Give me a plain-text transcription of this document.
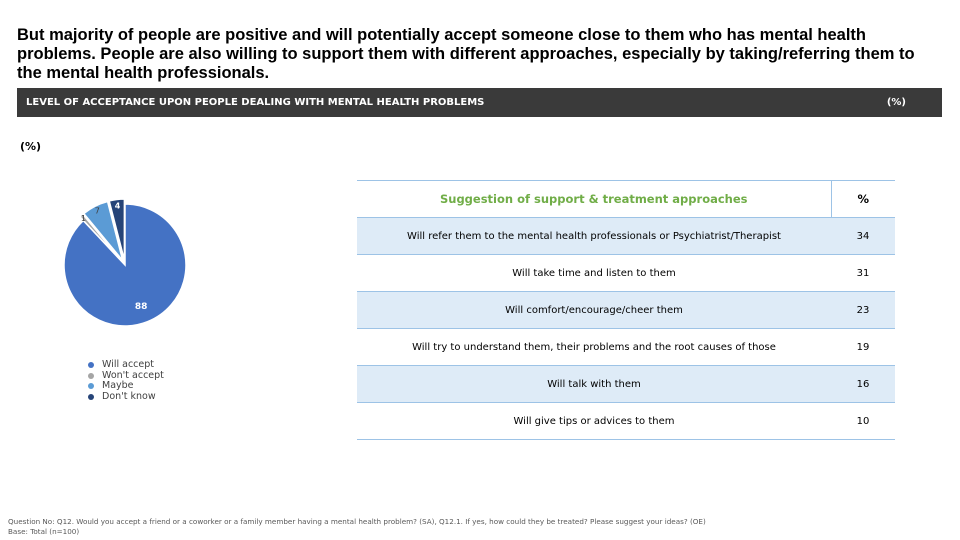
But majority of people are positive and will potentially accept someone close to them who has mental health problems. People are also willing to support them with different approaches, especially by taking/referring them to the mental health professionals.
LEVEL OF ACCEPTANCE UPON PEOPLE DEALING WITH MENTAL HEALTH PROBLEMS	(%)
(%)
88
1
7
4
Will accept
Won't accept
Maybe
Don't know
Suggestion of support & treatment approaches	%
Will refer them to the mental health professionals or Psychiatrist/Therapist	34
Will take time and listen to them	31
Will comfort/encourage/cheer them	23
Will try to understand them, their problems and the root causes of those	19
Will talk with them	16
Will give tips or advices to them	10
Question No: Q12. Would you accept a friend or a coworker or a family member having a mental health problem? (SA), Q12.1. If yes, how could they be treated? Please suggest your ideas? (OE)
Base: Total (n=100)
